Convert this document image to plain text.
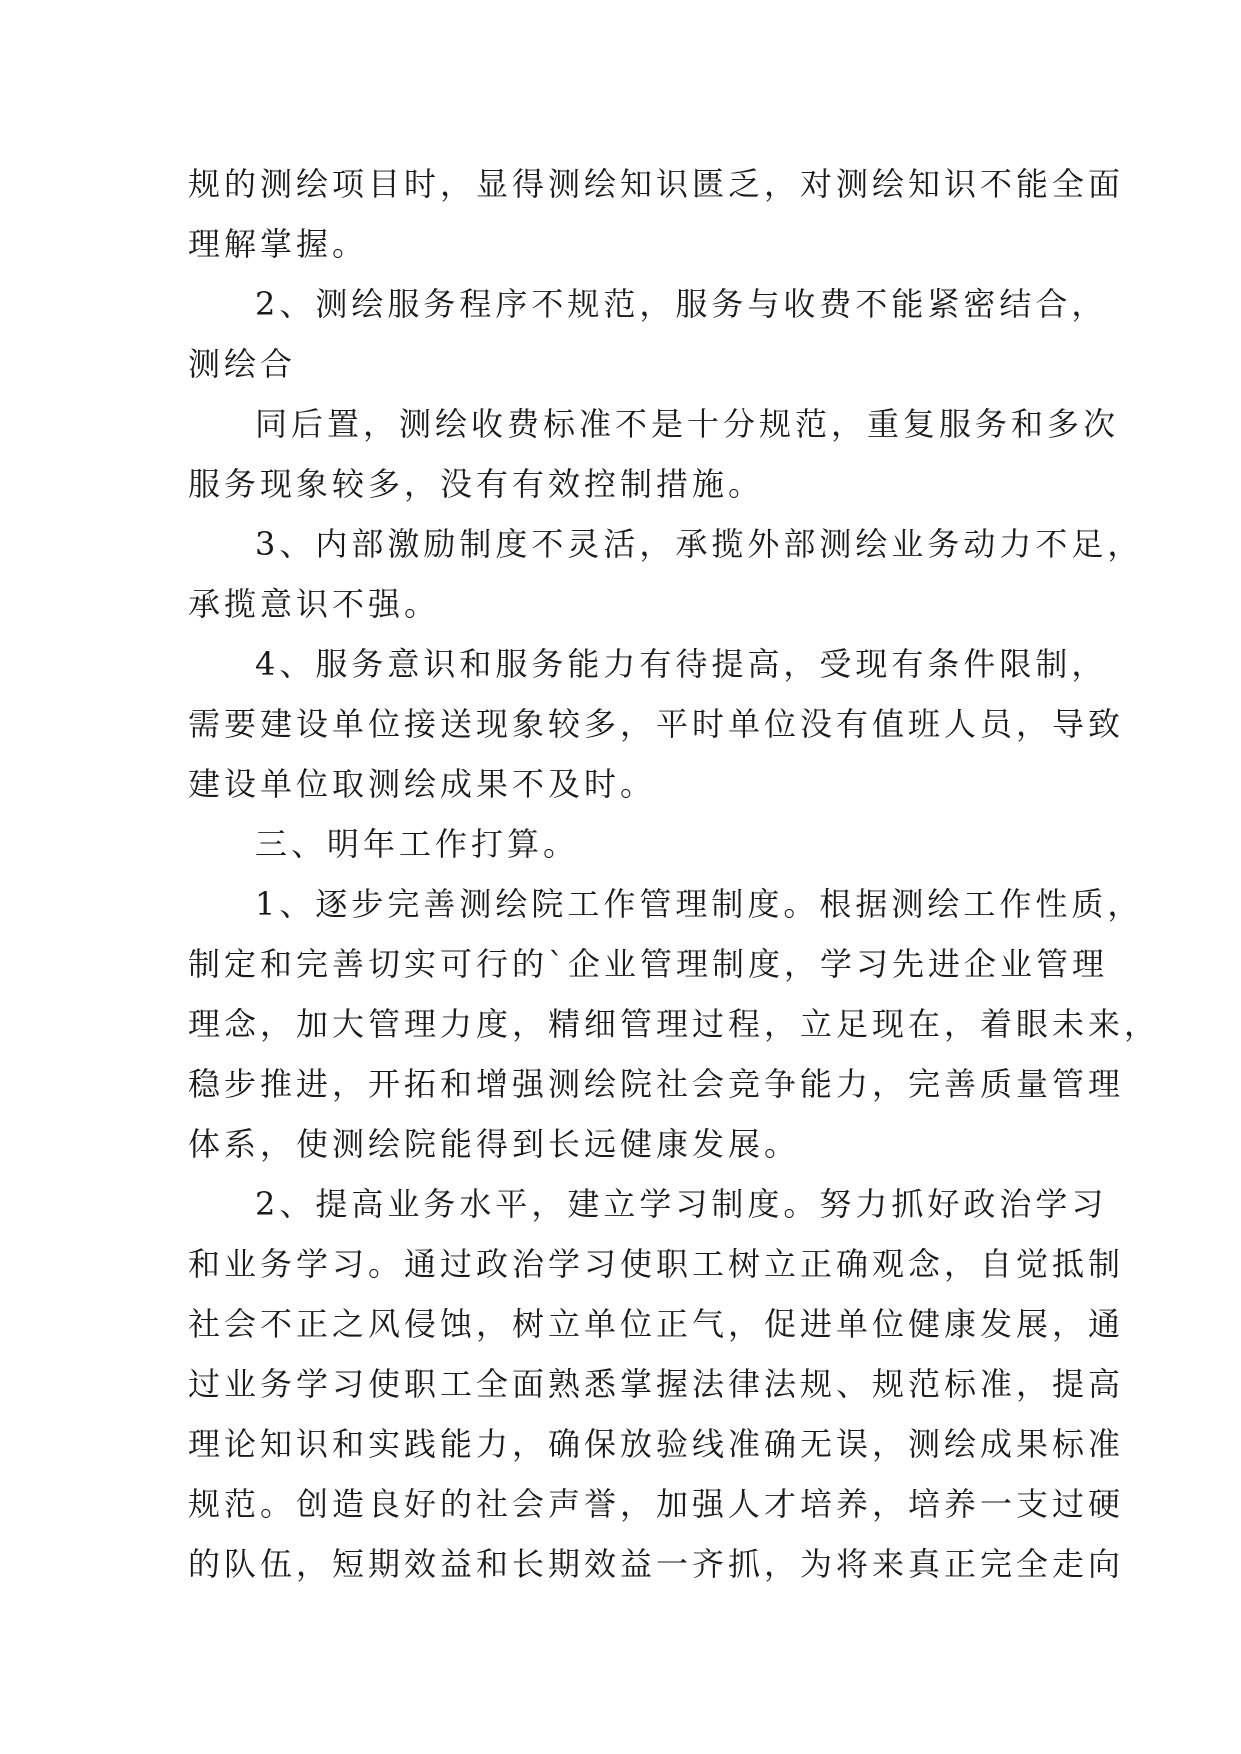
规的测绘项目时，显得测绘知识匮乏，对测绘知识不能全面
理解掌握。
2、测绘服务程序不规范，服务与收费不能紧密结合，
测绘合
同后置，测绘收费标准不是十分规范，重复服务和多次
服务现象较多，没有有效控制措施。
3、内部激励制度不灵活，承揽外部测绘业务动力不足，
承揽意识不强。
4、服务意识和服务能力有待提高，受现有条件限制，
需要建设单位接送现象较多，平时单位没有值班人员，导致
建设单位取测绘成果不及时。
三、明年工作打算。
1、逐步完善测绘院工作管理制度。根据测绘工作性质，
制定和完善切实可行的`企业管理制度，学习先进企业管理
理念，加大管理力度，精细管理过程，立足现在，着眼未来，
稳步推进，开拓和增强测绘院社会竞争能力，完善质量管理
体系，使测绘院能得到长远健康发展。
2、提高业务水平，建立学习制度。努力抓好政治学习
和业务学习。通过政治学习使职工树立正确观念，自觉抵制
社会不正之风侵蚀，树立单位正气，促进单位健康发展，通
过业务学习使职工全面熟悉掌握法律法规、规范标准，提高
理论知识和实践能力，确保放验线准确无误，测绘成果标准
规范。创造良好的社会声誉，加强人才培养，培养一支过硬
的队伍，短期效益和长期效益一齐抓，为将来真正完全走向
